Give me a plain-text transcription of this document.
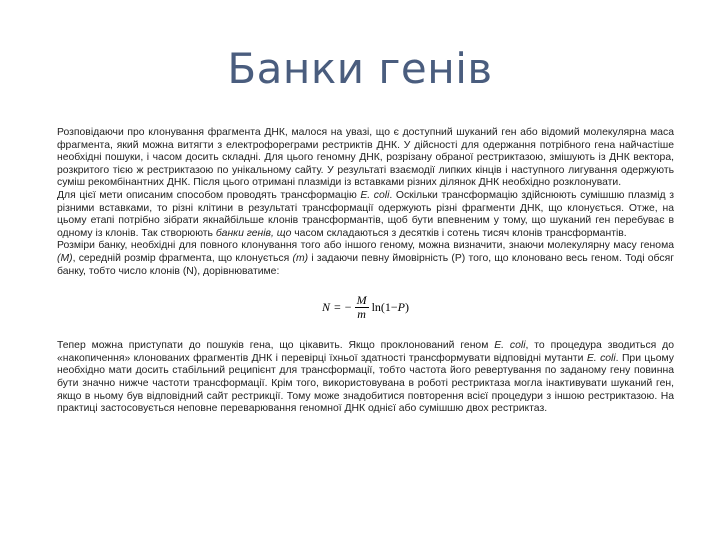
Банки генів

Розповідаючи про клонування фрагмента ДНК, малося на увазі, що є доступний шуканий ген або відомий молекулярна маса фрагмента, який можна витягти з електрофореграми рестриктів ДНК. У дійсності для одержання потрібного гена найчастіше необхідні пошуки, і часом досить складні. Для цього геномну ДНК, розрізану обраної рестриктазою, змішують із ДНК вектора, розкритого тією ж рестриктазою по унікальному сайту. У результаті взаємодії липких кінців і наступного лигування одержують суміш рекомбінантних ДНК. Після цього отримані плазміди із вставками різних ділянок ДНК необхідно розклонувати.

Для цієї мети описаним способом проводять трансформацію E. coli. Оскільки трансформацію здійснюють сумішшю плазмід з різними вставками, то різні клітини в результаті трансформації одержують різні фрагменти ДНК, що клонується. Отже, на цьому етапі потрібно зібрати якнайбільше клонів трансформантів, щоб бути впевненим у тому, що шуканий ген перебуває в одному із клонів. Так створюють банки генів, що часом складаються з десятків і сотень тисяч клонів трансформантів.

Розміри банку, необхідні для повного клонування того або іншого геному, можна визначити, знаючи молекулярну масу генома (М), середній розмір фрагмента, що клонується (m) і задаючи певну ймовірність (Р) того, що клоновано весь геном. Тоді обсяг банку, тобто число клонів (N), дорівнюватиме:

N = − $\frac{M}{m} \ln(1- P$ )

Тепер можна приступати до пошуків гена, що цікавить. Якщо проклонований геном E. coli, то процедура зводиться до «накопичення» клонованих фрагментів ДНК і перевірці їхньої здатності трансформувати відповідні мутанти E. coli. При цьому необхідно мати досить стабільний реципієнт для трансформації, тобто частота його ревертування по заданому гену повинна бути значно нижче частоти трансформації. Крім того, використовувана в роботі рестриктаза могла інактивувати шуканий ген, якщо в ньому був відповідний сайт рестрикції. Тому може знадобитися повторення всієї процедури з іншою рестриктазою. На практиці застосовується неповне переварювання геномної ДНК однієї або сумішшю двох рестриктаз.
